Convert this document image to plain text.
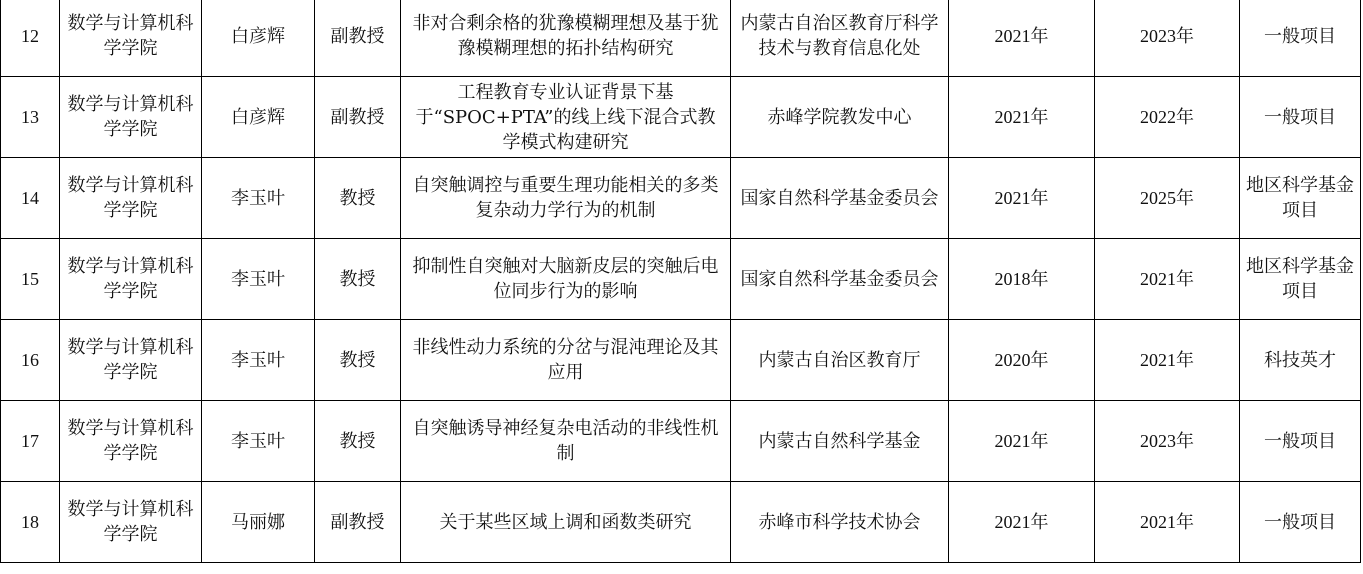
12	数学与计算机科学学院	白彦辉	副教授	非对合剩余格的犹豫模糊理想及基于犹豫模糊理想的拓扑结构研究	内蒙古自治区教育厅科学技术与教育信息化处	2021年	2023年	一般项目
13	数学与计算机科学学院	白彦辉	副教授	工程教育专业认证背景下基于“SPOC+PTA”的线上线下混合式教学模式构建研究	赤峰学院教发中心	2021年	2022年	一般项目
14	数学与计算机科学学院	李玉叶	教授	自突触调控与重要生理功能相关的多类复杂动力学行为的机制	国家自然科学基金委员会	2021年	2025年	地区科学基金项目
15	数学与计算机科学学院	李玉叶	教授	抑制性自突触对大脑新皮层的突触后电位同步行为的影响	国家自然科学基金委员会	2018年	2021年	地区科学基金项目
16	数学与计算机科学学院	李玉叶	教授	非线性动力系统的分岔与混沌理论及其应用	内蒙古自治区教育厅	2020年	2021年	科技英才
17	数学与计算机科学学院	李玉叶	教授	自突触诱导神经复杂电活动的非线性机制	内蒙古自然科学基金	2021年	2023年	一般项目
18	数学与计算机科学学院	马丽娜	副教授	关于某些区域上调和函数类研究	赤峰市科学技术协会	2021年	2021年	一般项目
